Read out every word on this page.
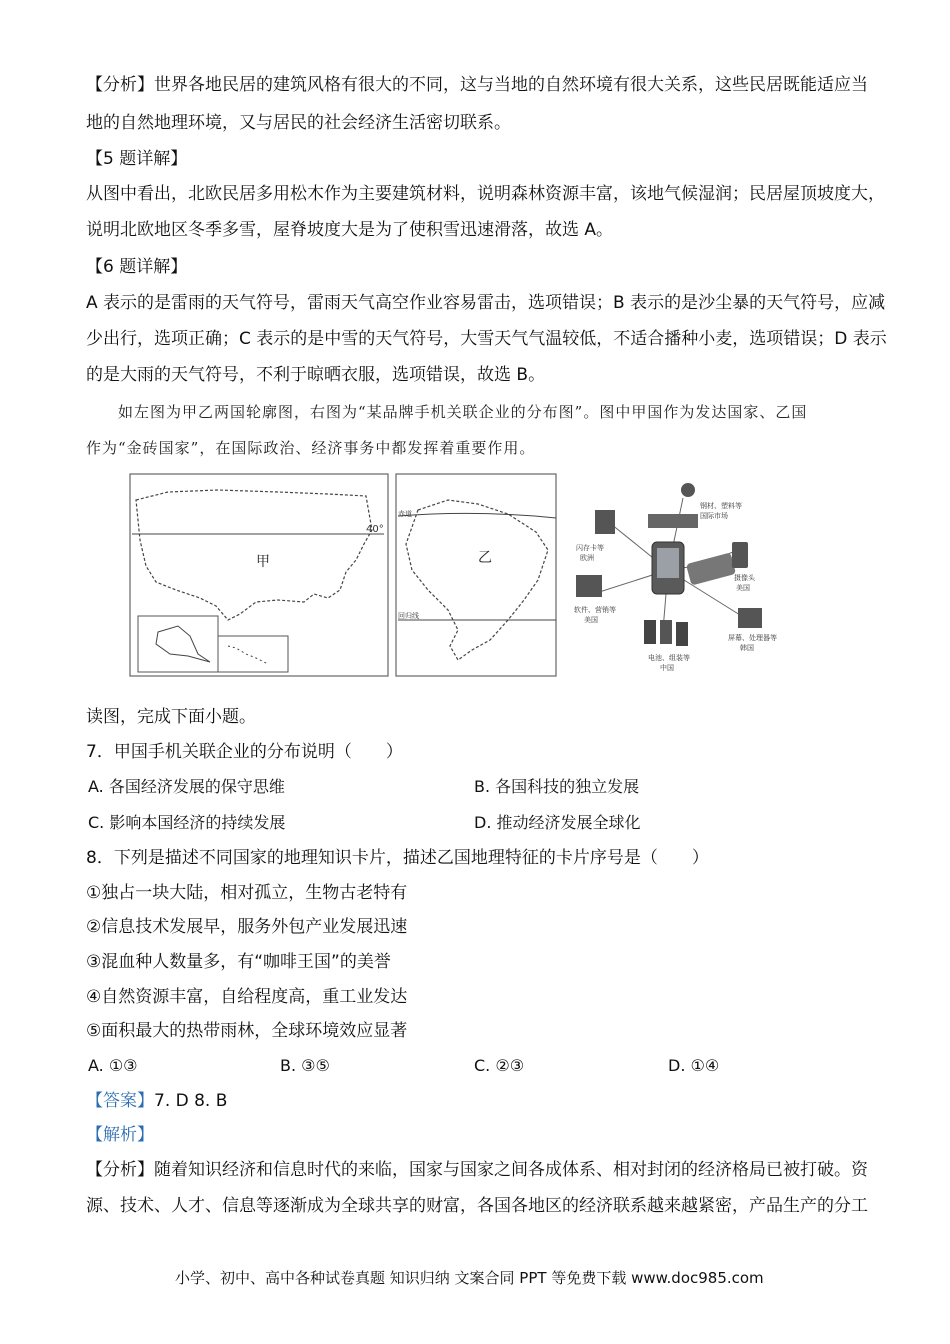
【分析】世界各地民居的建筑风格有很大的不同，这与当地的自然环境有很大关系，这些民居既能适应当
地的自然地理环境，又与居民的社会经济生活密切联系。
【5 题详解】
从图中看出，北欧民居多用松木作为主要建筑材料，说明森林资源丰富，该地气候湿润；民居屋顶坡度大，
说明北欧地区冬季多雪，屋脊坡度大是为了使积雪迅速滑落，故选 A。
【6 题详解】
A 表示的是雷雨的天气符号，雷雨天气高空作业容易雷击，选项错误；B 表示的是沙尘暴的天气符号，应减
少出行，选项正确；C 表示的是中雪的天气符号，大雪天气气温较低，不适合播种小麦，选项错误；D 表示
的是大雨的天气符号，不利于晾晒衣服，选项错误，故选 B。
如左图为甲乙两国轮廓图，右图为“某品牌手机关联企业的分布图”。图中甲国作为发达国家、乙国
作为“金砖国家”，在国际政治、经济事务中都发挥着重要作用。
40°
甲
赤道
回归线
乙
钢材、塑料等
国际市场
闪存卡等
欧洲
软件、营销等
美国
电池、组装等
中国
摄像头
美国
屏幕、处理器等
韩国
读图，完成下面小题。
7．甲国手机关联企业的分布说明（　　）
A. 各国经济发展的保守思维	B. 各国科技的独立发展
C. 影响本国经济的持续发展	D. 推动经济发展全球化
8．下列是描述不同国家的地理知识卡片，描述乙国地理特征的卡片序号是（　　）
①独占一块大陆，相对孤立，生物古老特有
②信息技术发展早，服务外包产业发展迅速
③混血种人数量多，有“咖啡王国”的美誉
④自然资源丰富，自给程度高，重工业发达
⑤面积最大的热带雨林，全球环境效应显著
A. ①③	B. ③⑤	C. ②③	D. ①④
【答案】7. D 8. B
【解析】
【分析】随着知识经济和信息时代的来临，国家与国家之间各成体系、相对封闭的经济格局已被打破。资
源、技术、人才、信息等逐渐成为全球共享的财富，各国各地区的经济联系越来越紧密，产品生产的分工
小学、初中、高中各种试卷真题 知识归纳 文案合同 PPT 等免费下载 www.doc985.com
